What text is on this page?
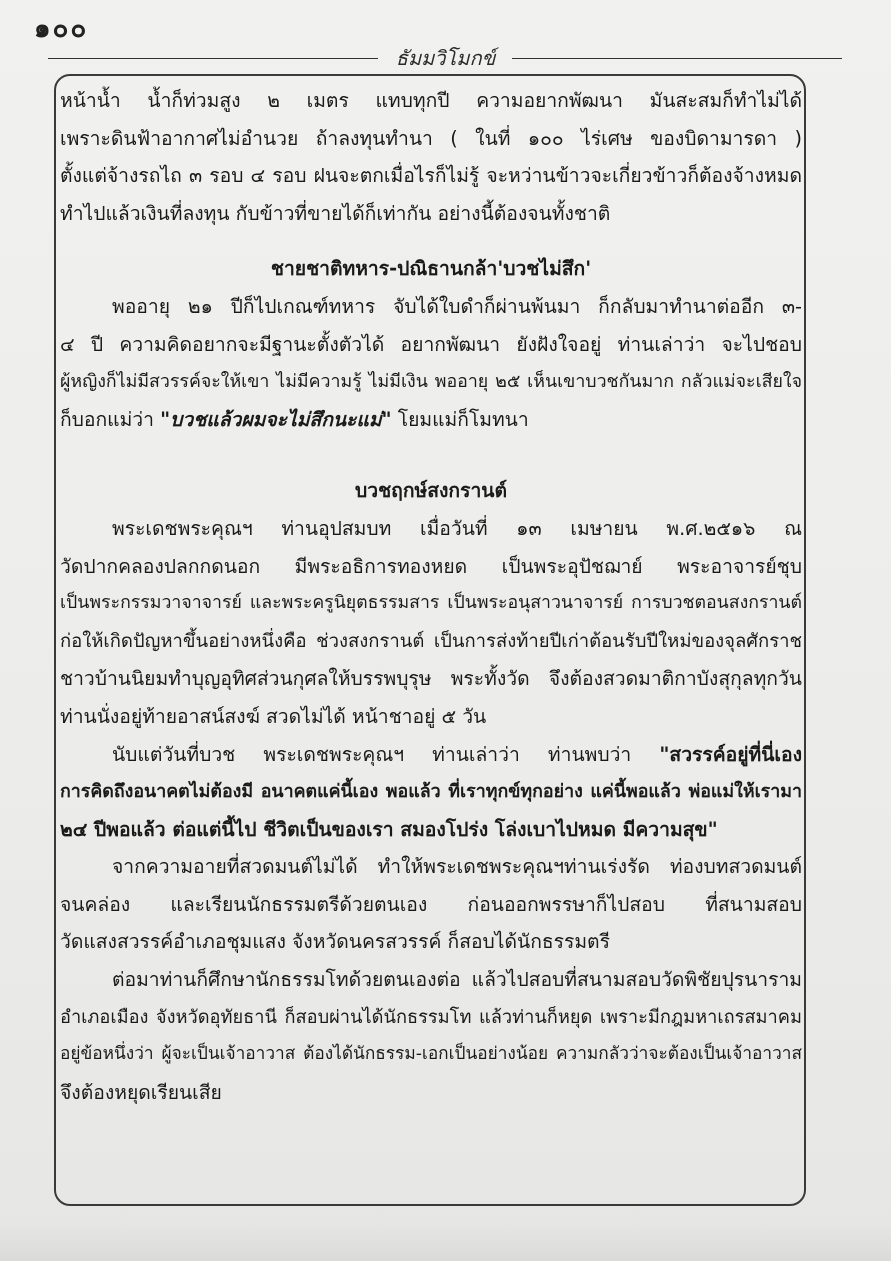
๑๐๐
ธัมมวิโมกข์

หน้าน้ำ น้ำก็ท่วมสูง ๒ เมตร แทบทุกปี ความอยากพัฒนา มันสะสมก็ทำไม่ได้

เพราะดินฟ้าอากาศไม่อำนวย ถ้าลงทุนทำนา ( ในที่ ๑๐๐ ไร่เศษ ของบิดามารดา )

ตั้งแต่จ้างรถไถ ๓ รอบ ๔ รอบ ฝนจะตกเมื่อไรก็ไม่รู้ จะหว่านข้าวจะเกี่ยวข้าวก็ต้องจ้างหมด

ทำไปแล้วเงินที่ลงทุน กับข้าวที่ขายได้ก็เท่ากัน อย่างนี้ต้องจนทั้งชาติ

ชายชาติทหาร-ปณิธานกล้า'บวชไม่สึก'

พออายุ ๒๑ ปีก็ไปเกณฑ์ทหาร จับได้ใบดำก็ผ่านพ้นมา ก็กลับมาทำนาต่ออีก ๓-

๔ ปี ความคิดอยากจะมีฐานะตั้งตัวได้ อยากพัฒนา ยังฝังใจอยู่ ท่านเล่าว่า จะไปชอบ

ผู้หญิงก็ไม่มีสวรรค์จะให้เขา ไม่มีความรู้ ไม่มีเงิน พออายุ ๒๕ เห็นเขาบวชกันมาก กลัวแม่จะเสียใจ

ก็บอกแม่ว่า "บวชแล้วผมจะไม่สึกนะแม่" โยมแม่ก็โมทนา

บวชฤกษ์สงกรานต์

พระเดชพระคุณฯ ท่านอุปสมบท เมื่อวันที่ ๑๓ เมษายน พ.ศ.๒๕๑๖ ณ

วัดปากคลองปลกกดนอก มีพระอธิการทองหยด เป็นพระอุปัชฌาย์ พระอาจารย์ชุบ

เป็นพระกรรมวาจาจารย์ และพระครูนิยุตธรรมสาร เป็นพระอนุสาวนาจารย์ การบวชตอนสงกรานต์

ก่อให้เกิดปัญหาขึ้นอย่างหนึ่งคือ ช่วงสงกรานต์ เป็นการส่งท้ายปีเก่าต้อนรับปีใหม่ของจุลศักราช

ชาวบ้านนิยมทำบุญอุทิศส่วนกุศลให้บรรพบุรุษ พระทั้งวัด จึงต้องสวดมาติกาบังสุกุลทุกวัน

ท่านนั่งอยู่ท้ายอาสน์สงฆ์ สวดไม่ได้ หน้าชาอยู่ ๕ วัน

นับแต่วันที่บวช พระเดชพระคุณฯ ท่านเล่าว่า ท่านพบว่า "สวรรค์อยู่ที่นี่เอง

การคิดถึงอนาคตไม่ต้องมี อนาคตแค่นี้เอง พอแล้ว ที่เราทุกข์ทุกอย่าง แค่นี้พอแล้ว พ่อแม่ให้เรามา

๒๔ ปีพอแล้ว ต่อแต่นี้ไป ชีวิตเป็นของเรา สมองโปร่ง โล่งเบาไปหมด มีความสุข"

จากความอายที่สวดมนต์ไม่ได้ ทำให้พระเดชพระคุณฯท่านเร่งรัด ท่องบทสวดมนต์

จนคล่อง และเรียนนักธรรมตรีด้วยตนเอง ก่อนออกพรรษาก็ไปสอบ ที่สนามสอบ

วัดแสงสวรรค์อำเภอชุมแสง จังหวัดนครสวรรค์ ก็สอบได้นักธรรมตรี

ต่อมาท่านก็ศึกษานักธรรมโทด้วยตนเองต่อ แล้วไปสอบที่สนามสอบวัดพิชัยปุรนาราม

อำเภอเมือง จังหวัดอุทัยธานี ก็สอบผ่านได้นักธรรมโท แล้วท่านก็หยุด เพราะมีกฎมหาเถรสมาคม

อยู่ข้อหนึ่งว่า ผู้จะเป็นเจ้าอาวาส ต้องได้นักธรรม-เอกเป็นอย่างน้อย ความกลัวว่าจะต้องเป็นเจ้าอาวาส

จึงต้องหยุดเรียนเสีย
